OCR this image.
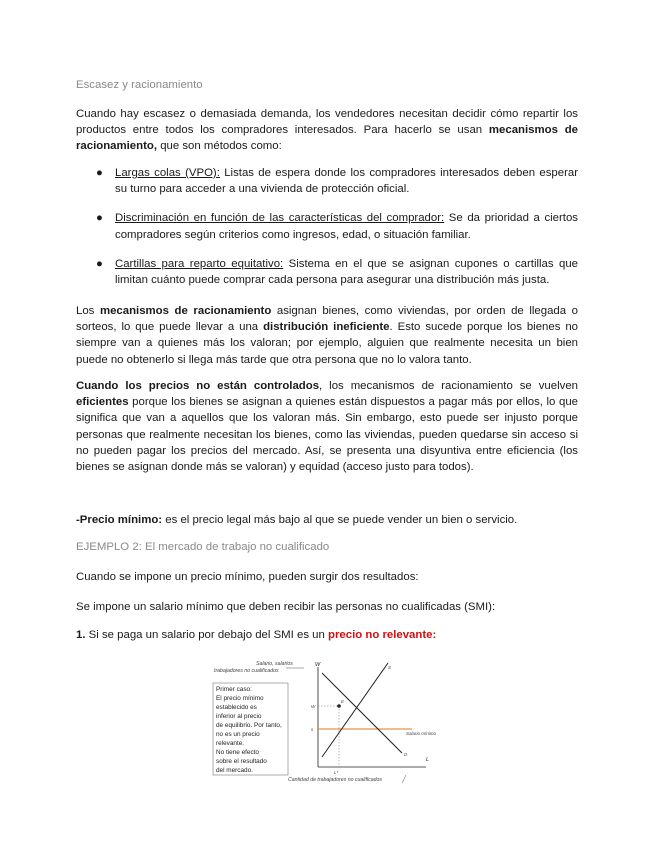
Escasez y racionamiento

Cuando hay escasez o demasiada demanda, los vendedores necesitan decidir cómo repartir los productos entre todos los compradores interesados. Para hacerlo se usan mecanismos de racionamiento, que son métodos como:

● Largas colas (VPO): Listas de espera donde los compradores interesados deben esperar su turno para acceder a una vivienda de protección oficial.
● Discriminación en función de las características del comprador: Se da prioridad a ciertos compradores según criterios como ingresos, edad, o situación familiar.
● Cartillas para reparto equitativo: Sistema en el que se asignan cupones o cartillas que limitan cuánto puede comprar cada persona para asegurar una distribución más justa.

Los mecanismos de racionamiento asignan bienes, como viviendas, por orden de llegada o sorteos, lo que puede llevar a una distribución ineficiente. Esto sucede porque los bienes no siempre van a quienes más los valoran; por ejemplo, alguien que realmente necesita un bien puede no obtenerlo si llega más tarde que otra persona que no lo valora tanto.

Cuando los precios no están controlados, los mecanismos de racionamiento se vuelven eficientes porque los bienes se asignan a quienes están dispuestos a pagar más por ellos, lo que significa que van a aquellos que los valoran más. Sin embargo, esto puede ser injusto porque personas que realmente necesitan los bienes, como las viviendas, pueden quedarse sin acceso si no pueden pagar los precios del mercado. Así, se presenta una disyuntiva entre eficiencia (los bienes se asignan donde más se valoran) y equidad (acceso justo para todos).

-Precio mínimo: es el precio legal más bajo al que se puede vender un bien o servicio.

EJEMPLO 2: El mercado de trabajo no cualificado

Cuando se impone un precio mínimo, pueden surgir dos resultados:

Se impone un salario mínimo que deben recibir las personas no cualificadas (SMI):

1. Si se paga un salario por debajo del SMI es un precio no relevante:

Salario, salarios
trabajadores no cualificados
W
Primer caso:
El precio mínimo
establecido es
inferior al precio
de equilibrio. Por tanto,
no es un precio
relevante.
No tiene efecto
sobre el resultado
del mercado.
L
W
s
Salario mínimo
E
D
S
L*
Cantidad de trabajadores no cualificados
